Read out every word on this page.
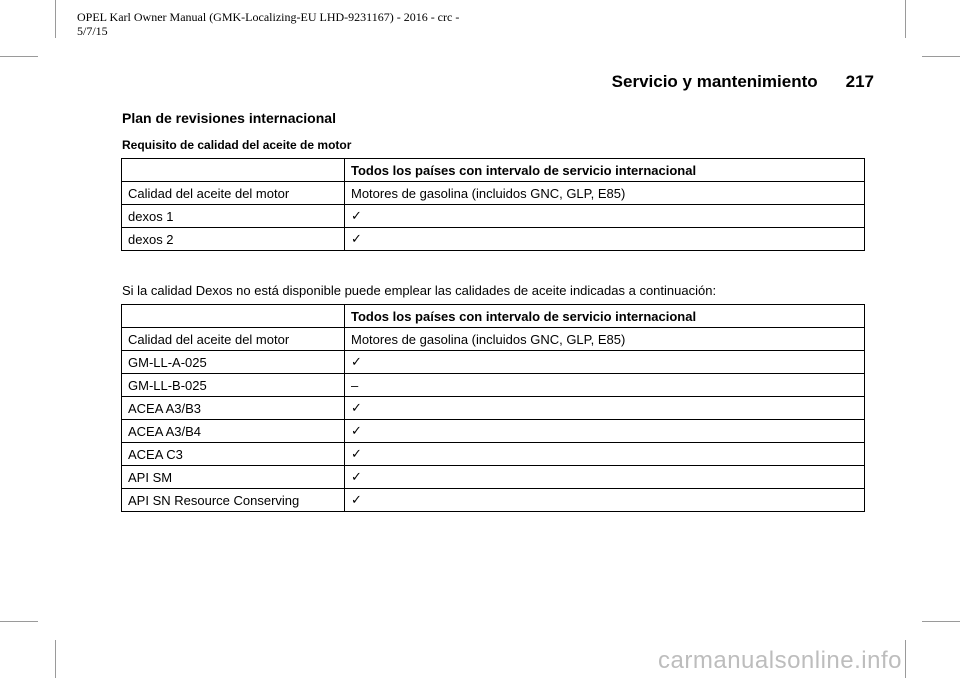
OPEL Karl Owner Manual (GMK-Localizing-EU LHD-9231167) - 2016 - crc -
5/7/15
Servicio y mantenimiento 217
Plan de revisiones internacional
Requisito de calidad del aceite de motor
	Todos los países con intervalo de servicio internacional
Calidad del aceite del motor	Motores de gasolina (incluidos GNC, GLP, E85)
dexos 1	✓
dexos 2	✓
Si la calidad Dexos no está disponible puede emplear las calidades de aceite indicadas a continuación:
	Todos los países con intervalo de servicio internacional
Calidad del aceite del motor	Motores de gasolina (incluidos GNC, GLP, E85)
GM-LL-A-025	✓
GM-LL-B-025	–
ACEA A3/B3	✓
ACEA A3/B4	✓
ACEA C3	✓
API SM	✓
API SN Resource Conserving	✓
carmanualsonline.info
